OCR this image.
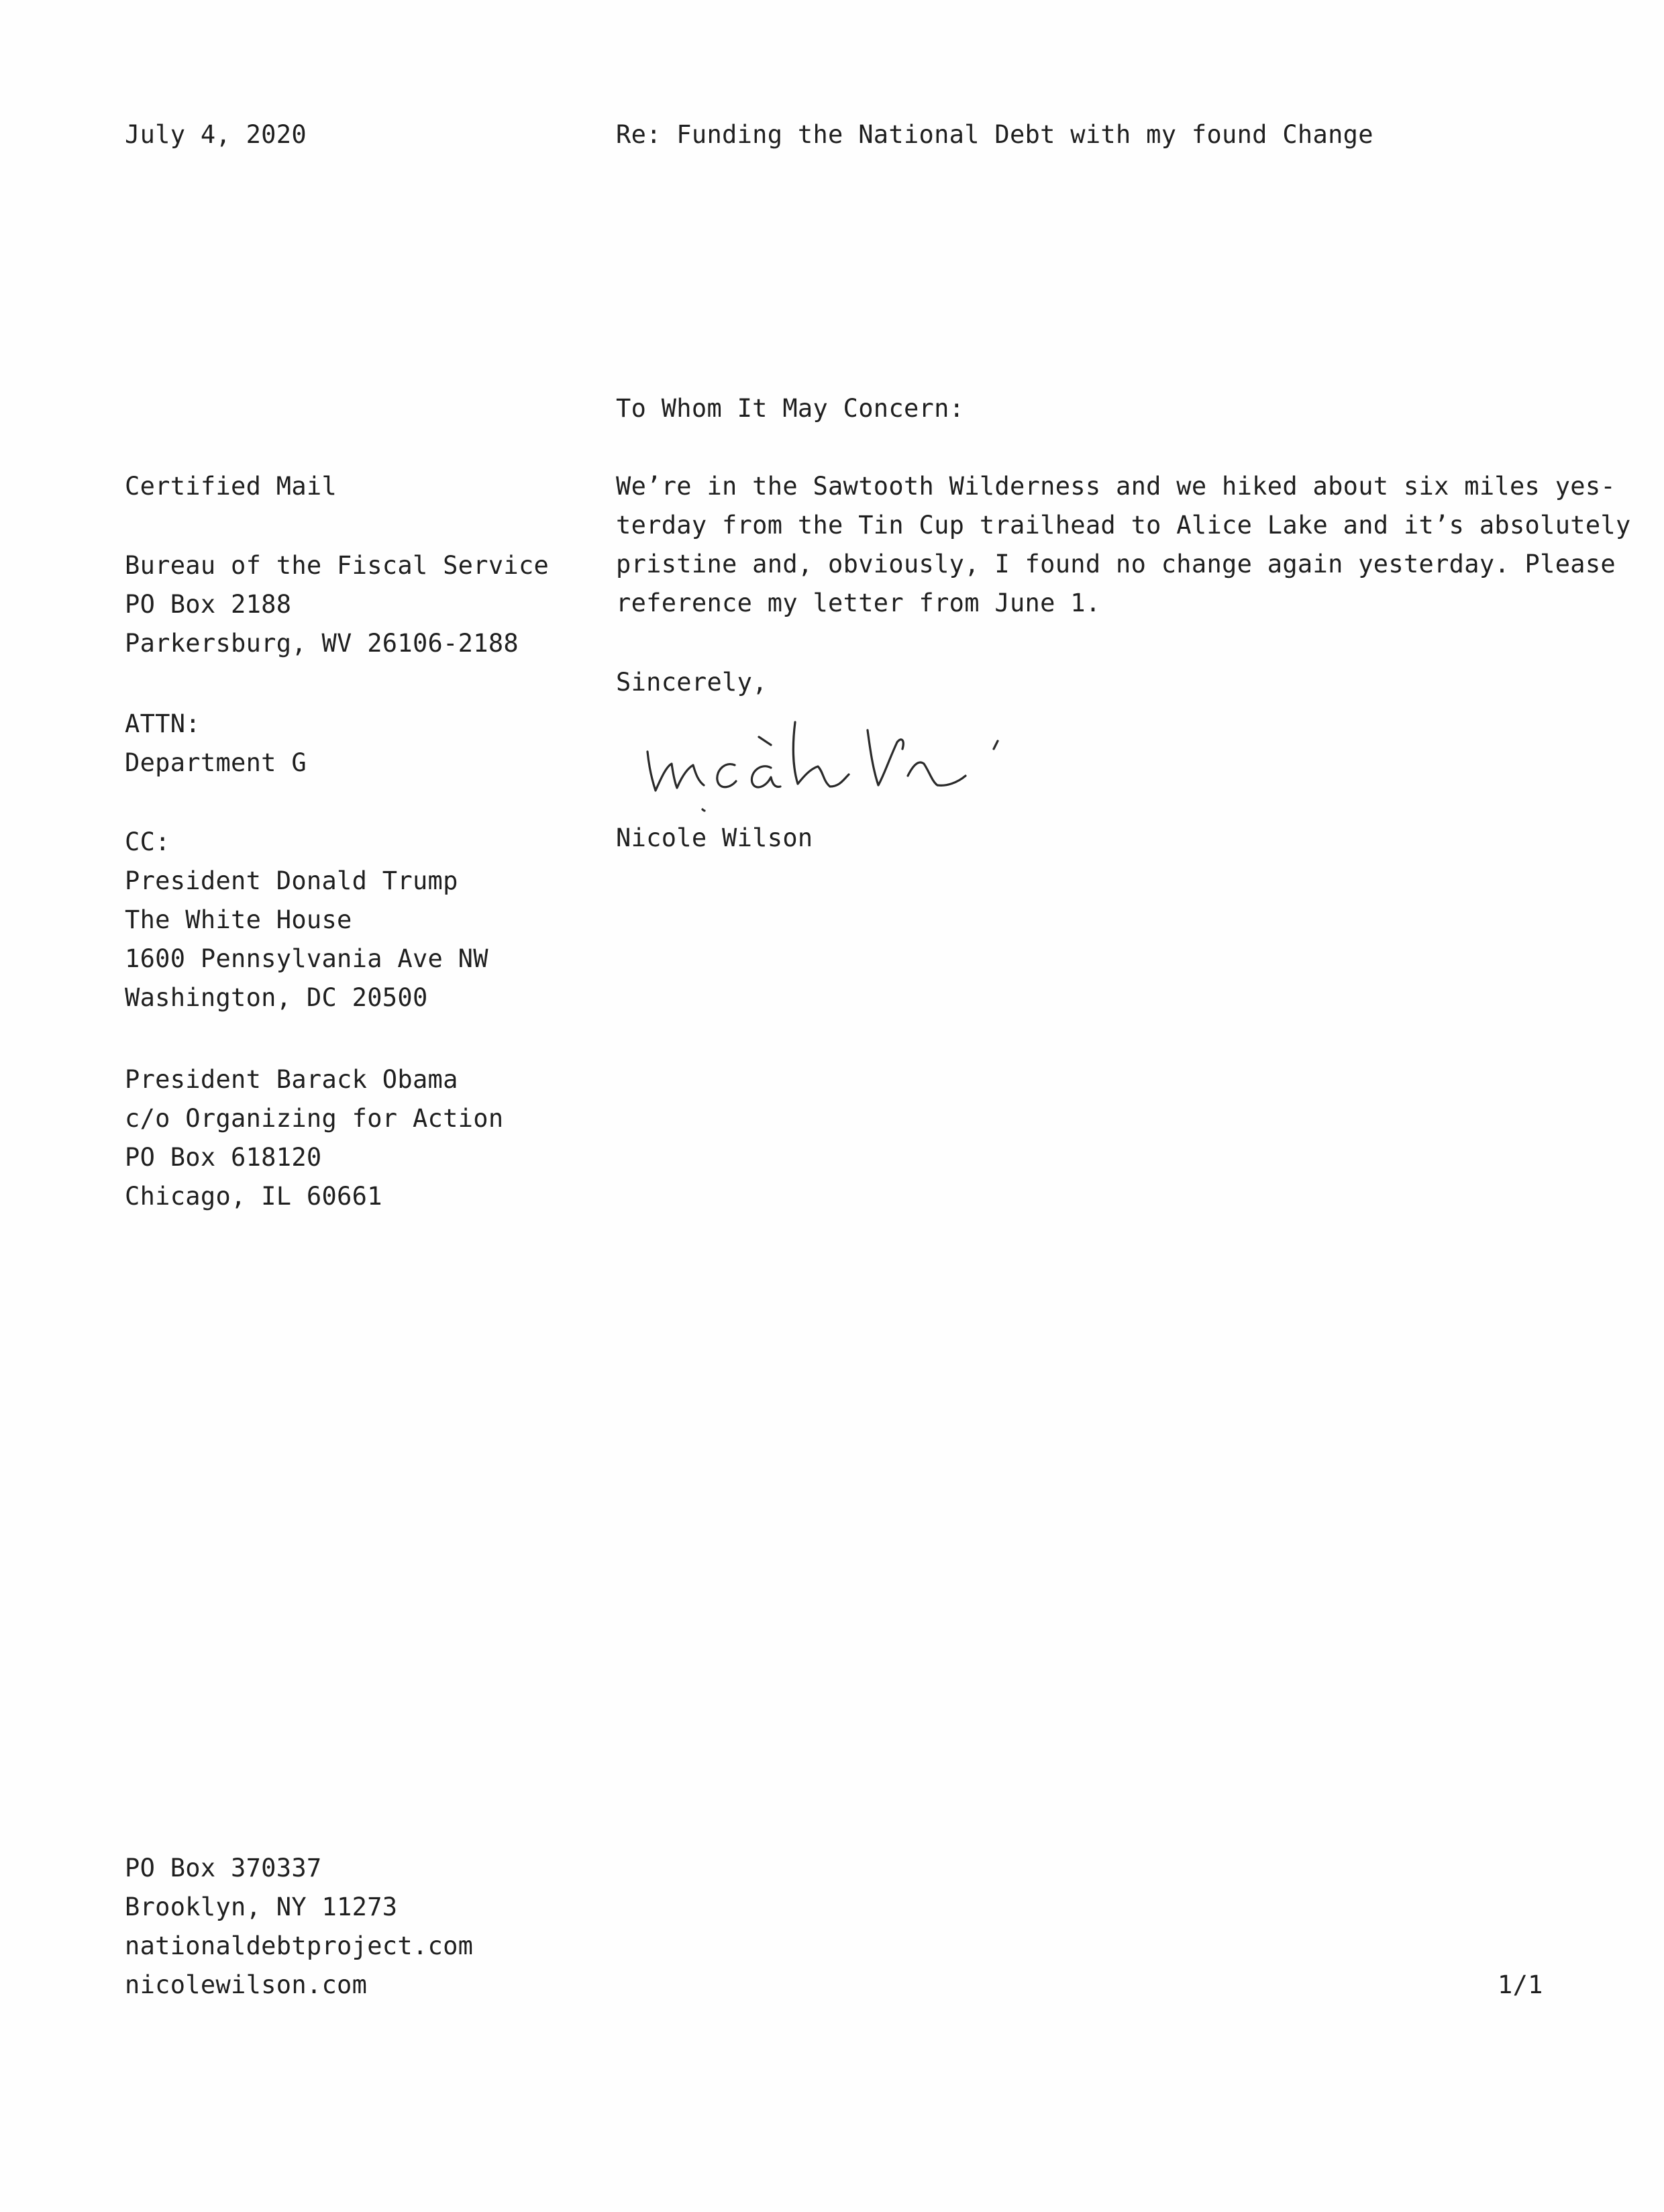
July 4, 2020	Re: Funding the National Debt with my found Change
To Whom It May Concern:
Certified Mail
Bureau of the Fiscal Service
PO Box 2188
Parkersburg, WV 26106-2188
ATTN:
Department G
CC:
President Donald Trump
The White House
1600 Pennsylvania Ave NW
Washington, DC 20500
President Barack Obama
c/o Organizing for Action
PO Box 618120
Chicago, IL 60661
We’re in the Sawtooth Wilderness and we hiked about six miles yes-
terday from the Tin Cup trailhead to Alice Lake and it’s absolutely
pristine and, obviously, I found no change again yesterday. Please
reference my letter from June 1.
Sincerely,
Nicole Wilson
PO Box 370337
Brooklyn, NY 11273
nationaldebtproject.com
nicolewilson.com	1/1
